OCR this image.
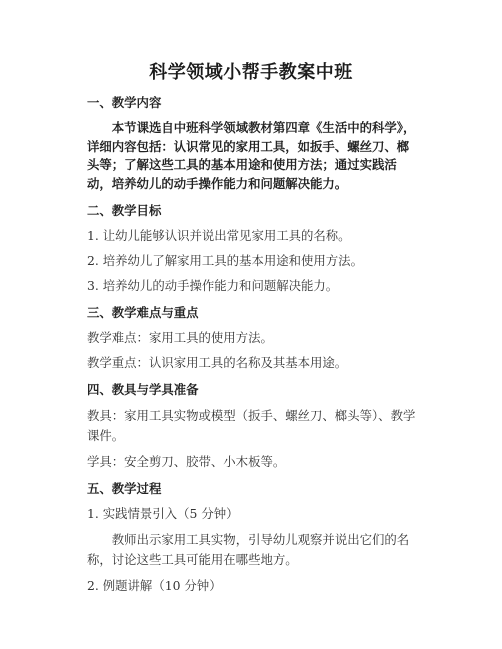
科学领域小帮手教案中班
一、教学内容
本节课选自中班科学领域教材第四章《生活中的科学》，详细内容包括：认识常见的家用工具，如扳手、螺丝刀、榔头等；了解这些工具的基本用途和使用方法；通过实践活动，培养幼儿的动手操作能力和问题解决能力。
二、教学目标
1. 让幼儿能够认识并说出常见家用工具的名称。
2. 培养幼儿了解家用工具的基本用途和使用方法。
3. 培养幼儿的动手操作能力和问题解决能力。
三、教学难点与重点
教学难点：家用工具的使用方法。
教学重点：认识家用工具的名称及其基本用途。
四、教具与学具准备
教具：家用工具实物或模型（扳手、螺丝刀、榔头等）、教学课件。
学具：安全剪刀、胶带、小木板等。
五、教学过程
1. 实践情景引入（5 分钟）
教师出示家用工具实物，引导幼儿观察并说出它们的名称，讨论这些工具可能用在哪些地方。
2. 例题讲解（10 分钟）
